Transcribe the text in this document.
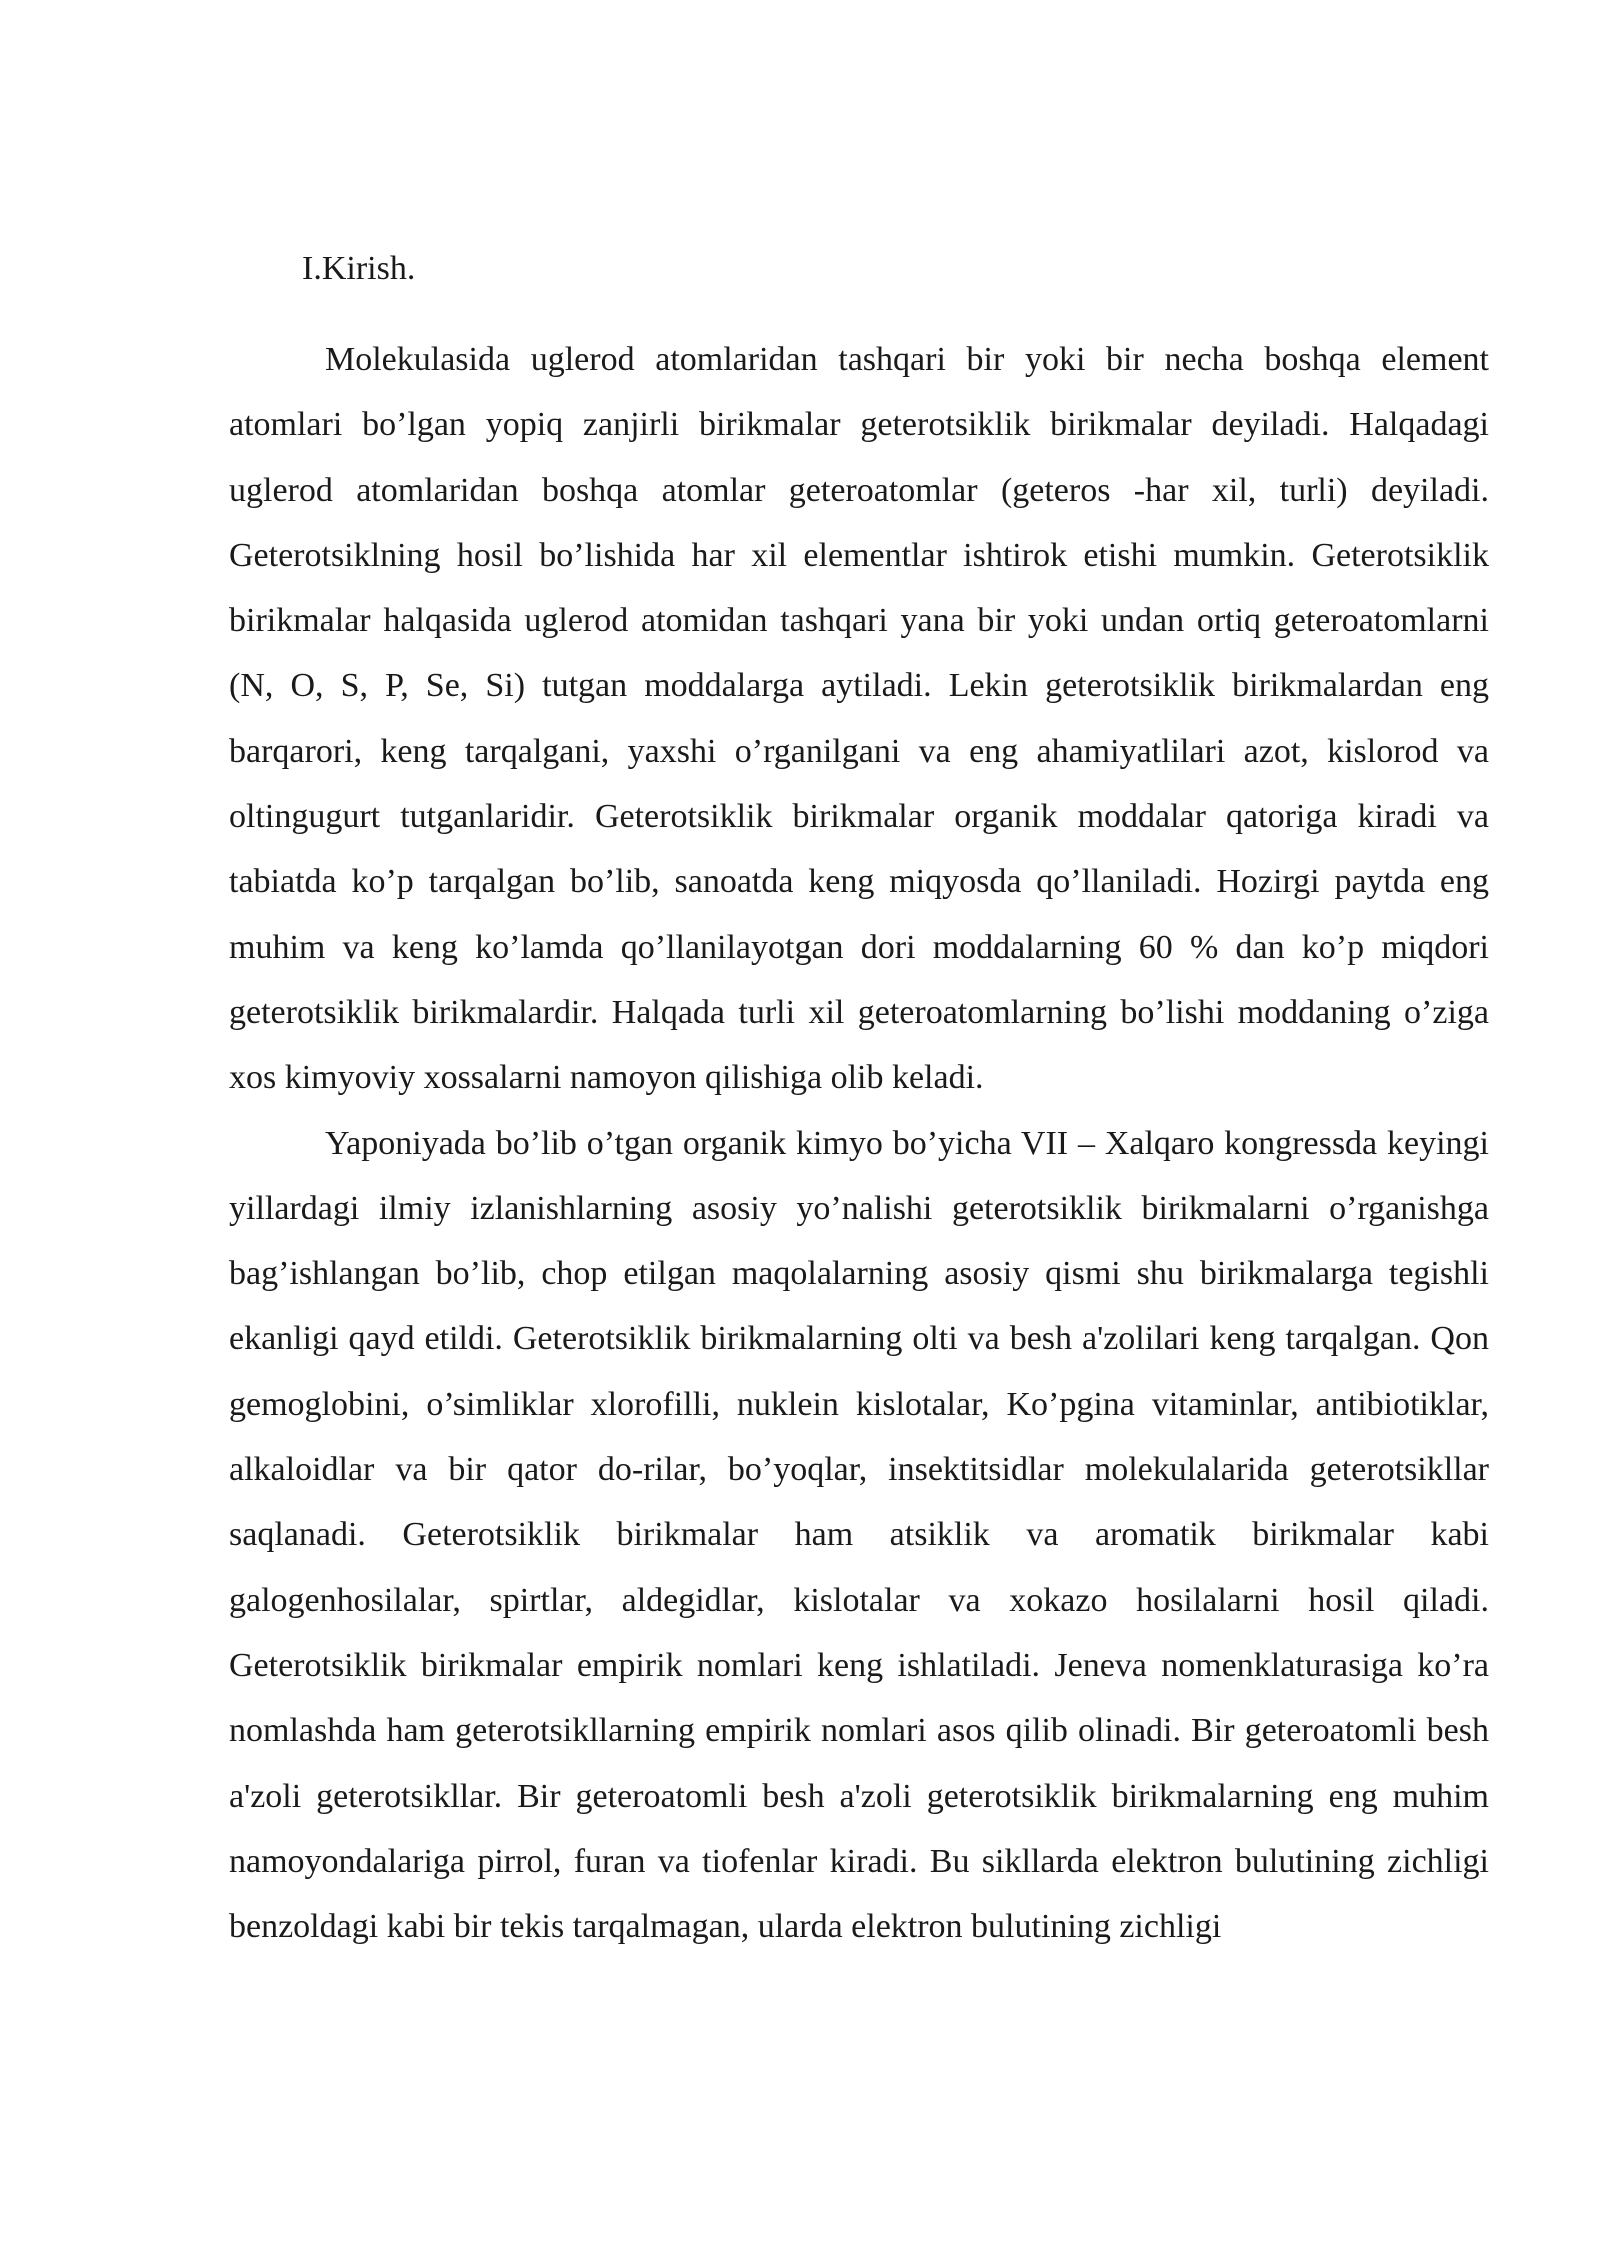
I.Kirish.

Molekulasida uglerod atomlaridan tashqari bir yoki bir necha boshqa element atomlari bo’lgan yopiq zanjirli birikmalar geterotsiklik birikmalar deyiladi. Halqadagi uglerod atomlaridan boshqa atomlar geteroatomlar (geteros -har xil, turli) deyiladi. Geterotsiklning hosil bo’lishida har xil elementlar ishtirok etishi mumkin. Geterotsiklik birikmalar halqasida uglerod atomidan tashqari yana bir yoki undan ortiq geteroatomlarni (N, O, S, P, Se, Si) tutgan moddalarga aytiladi. Lekin geterotsiklik birikmalardan eng barqarori, keng tarqalgani, yaxshi o’rganilgani va eng ahamiyatlilari azot, kislorod va oltingugurt tutganlaridir. Geterotsiklik birikmalar organik moddalar qatoriga kiradi va tabiatda ko’p tarqalgan bo’lib, sanoatda keng miqyosda qo’llaniladi. Hozirgi paytda eng muhim va keng ko’lamda qo’llanilayotgan dori moddalarning 60 % dan ko’p miqdori geterotsiklik birikmalardir. Halqada turli xil geteroatomlarning bo’lishi moddaning o’ziga xos kimyoviy xossalarni namoyon qilishiga olib keladi.

Yaponiyada bo’lib o’tgan organik kimyo bo’yicha VII – Xalqaro kongressda keyingi yillardagi ilmiy izlanishlarning asosiy yo’nalishi geterotsiklik birikmalarni o’rganishga bag’ishlangan bo’lib, chop etilgan maqolalarning asosiy qismi shu birikmalarga tegishli ekanligi qayd etildi. Geterotsiklik birikmalarning olti va besh a'zolilari keng tarqalgan. Qon gemoglobini, o’simliklar xlorofilli, nuklein kislotalar, Ko’pgina vitaminlar, antibiotiklar, alkaloidlar va bir qator do-rilar, bo’yoqlar, insektitsidlar molekulalarida geterotsikllar saqlanadi. Geterotsiklik birikmalar ham atsiklik va aromatik birikmalar kabi galogenhosilalar, spirtlar, aldegidlar, kislotalar va xokazo hosilalarni hosil qiladi. Geterotsiklik birikmalar empirik nomlari keng ishlatiladi. Jeneva nomenklaturasiga ko’ra nomlashda ham geterotsikllarning empirik nomlari asos qilib olinadi. Bir geteroatomli besh a'zoli geterotsikllar. Bir geteroatomli besh a'zoli geterotsiklik birikmalarning eng muhim namoyondalariga pirrol, furan va tiofenlar kiradi. Bu sikllarda elektron bulutining zichligi benzoldagi kabi bir tekis tarqalmagan, ularda elektron bulutining zichligi
